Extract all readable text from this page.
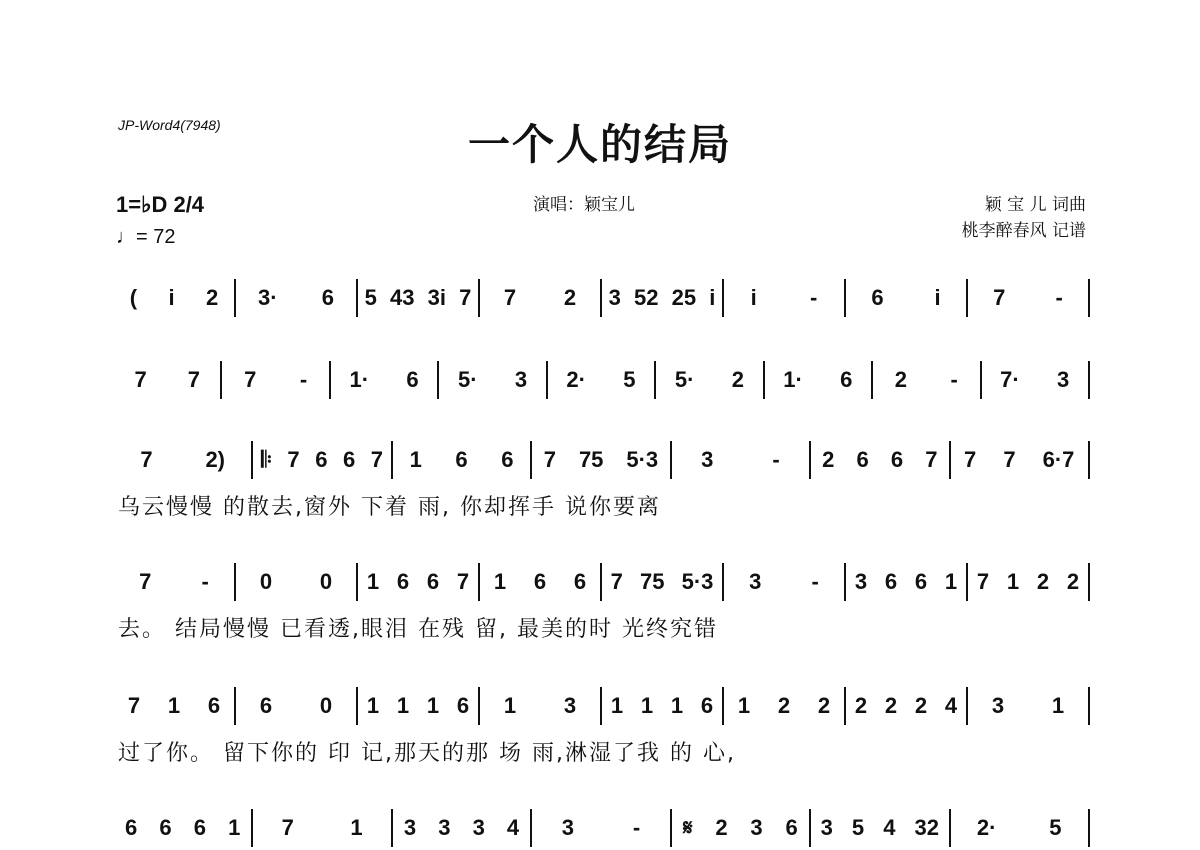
JP-Word4(7948)	一个人的结局
演唱：颖宝儿	颖 宝 儿 词曲
桃李醉春风 记谱
1=♭D 2/4
♩= 72
( i 2 3· 6 5 43 3i 7 7 2 3 52 25 i i - 6 i 7 -
7 7 7 - 1· 6 5· 3 2· 5 5· 2 1· 6 2 - 7· 3
7 2) 𝄆 7 6 6 7 1 6 6 7 75 5·3 3	- 2 6 6 7 7 7 6·7
乌云慢慢 的散去,窗外 下着 雨, 你却挥手 说你要离
7 - 0 0 1 6 6 7 1 6 6 7 75 5·3 3 - 3 6 6 1 7 1 2 2
去。 结局慢慢 已看透,眼泪 在残 留, 最美的时 光终究错
7 1 6 6 0 1 1 1 6 1 3 1 1 1 6 1 2 2 2 2 2 4 3 1
过了你。 留下你的 印 记,那天的那 场 雨,淋湿了我 的 心,
6 6 6 1 7	1 3 3 3 4 3	- 𝄋 2 3 6 3 5 4 32 2· 5
